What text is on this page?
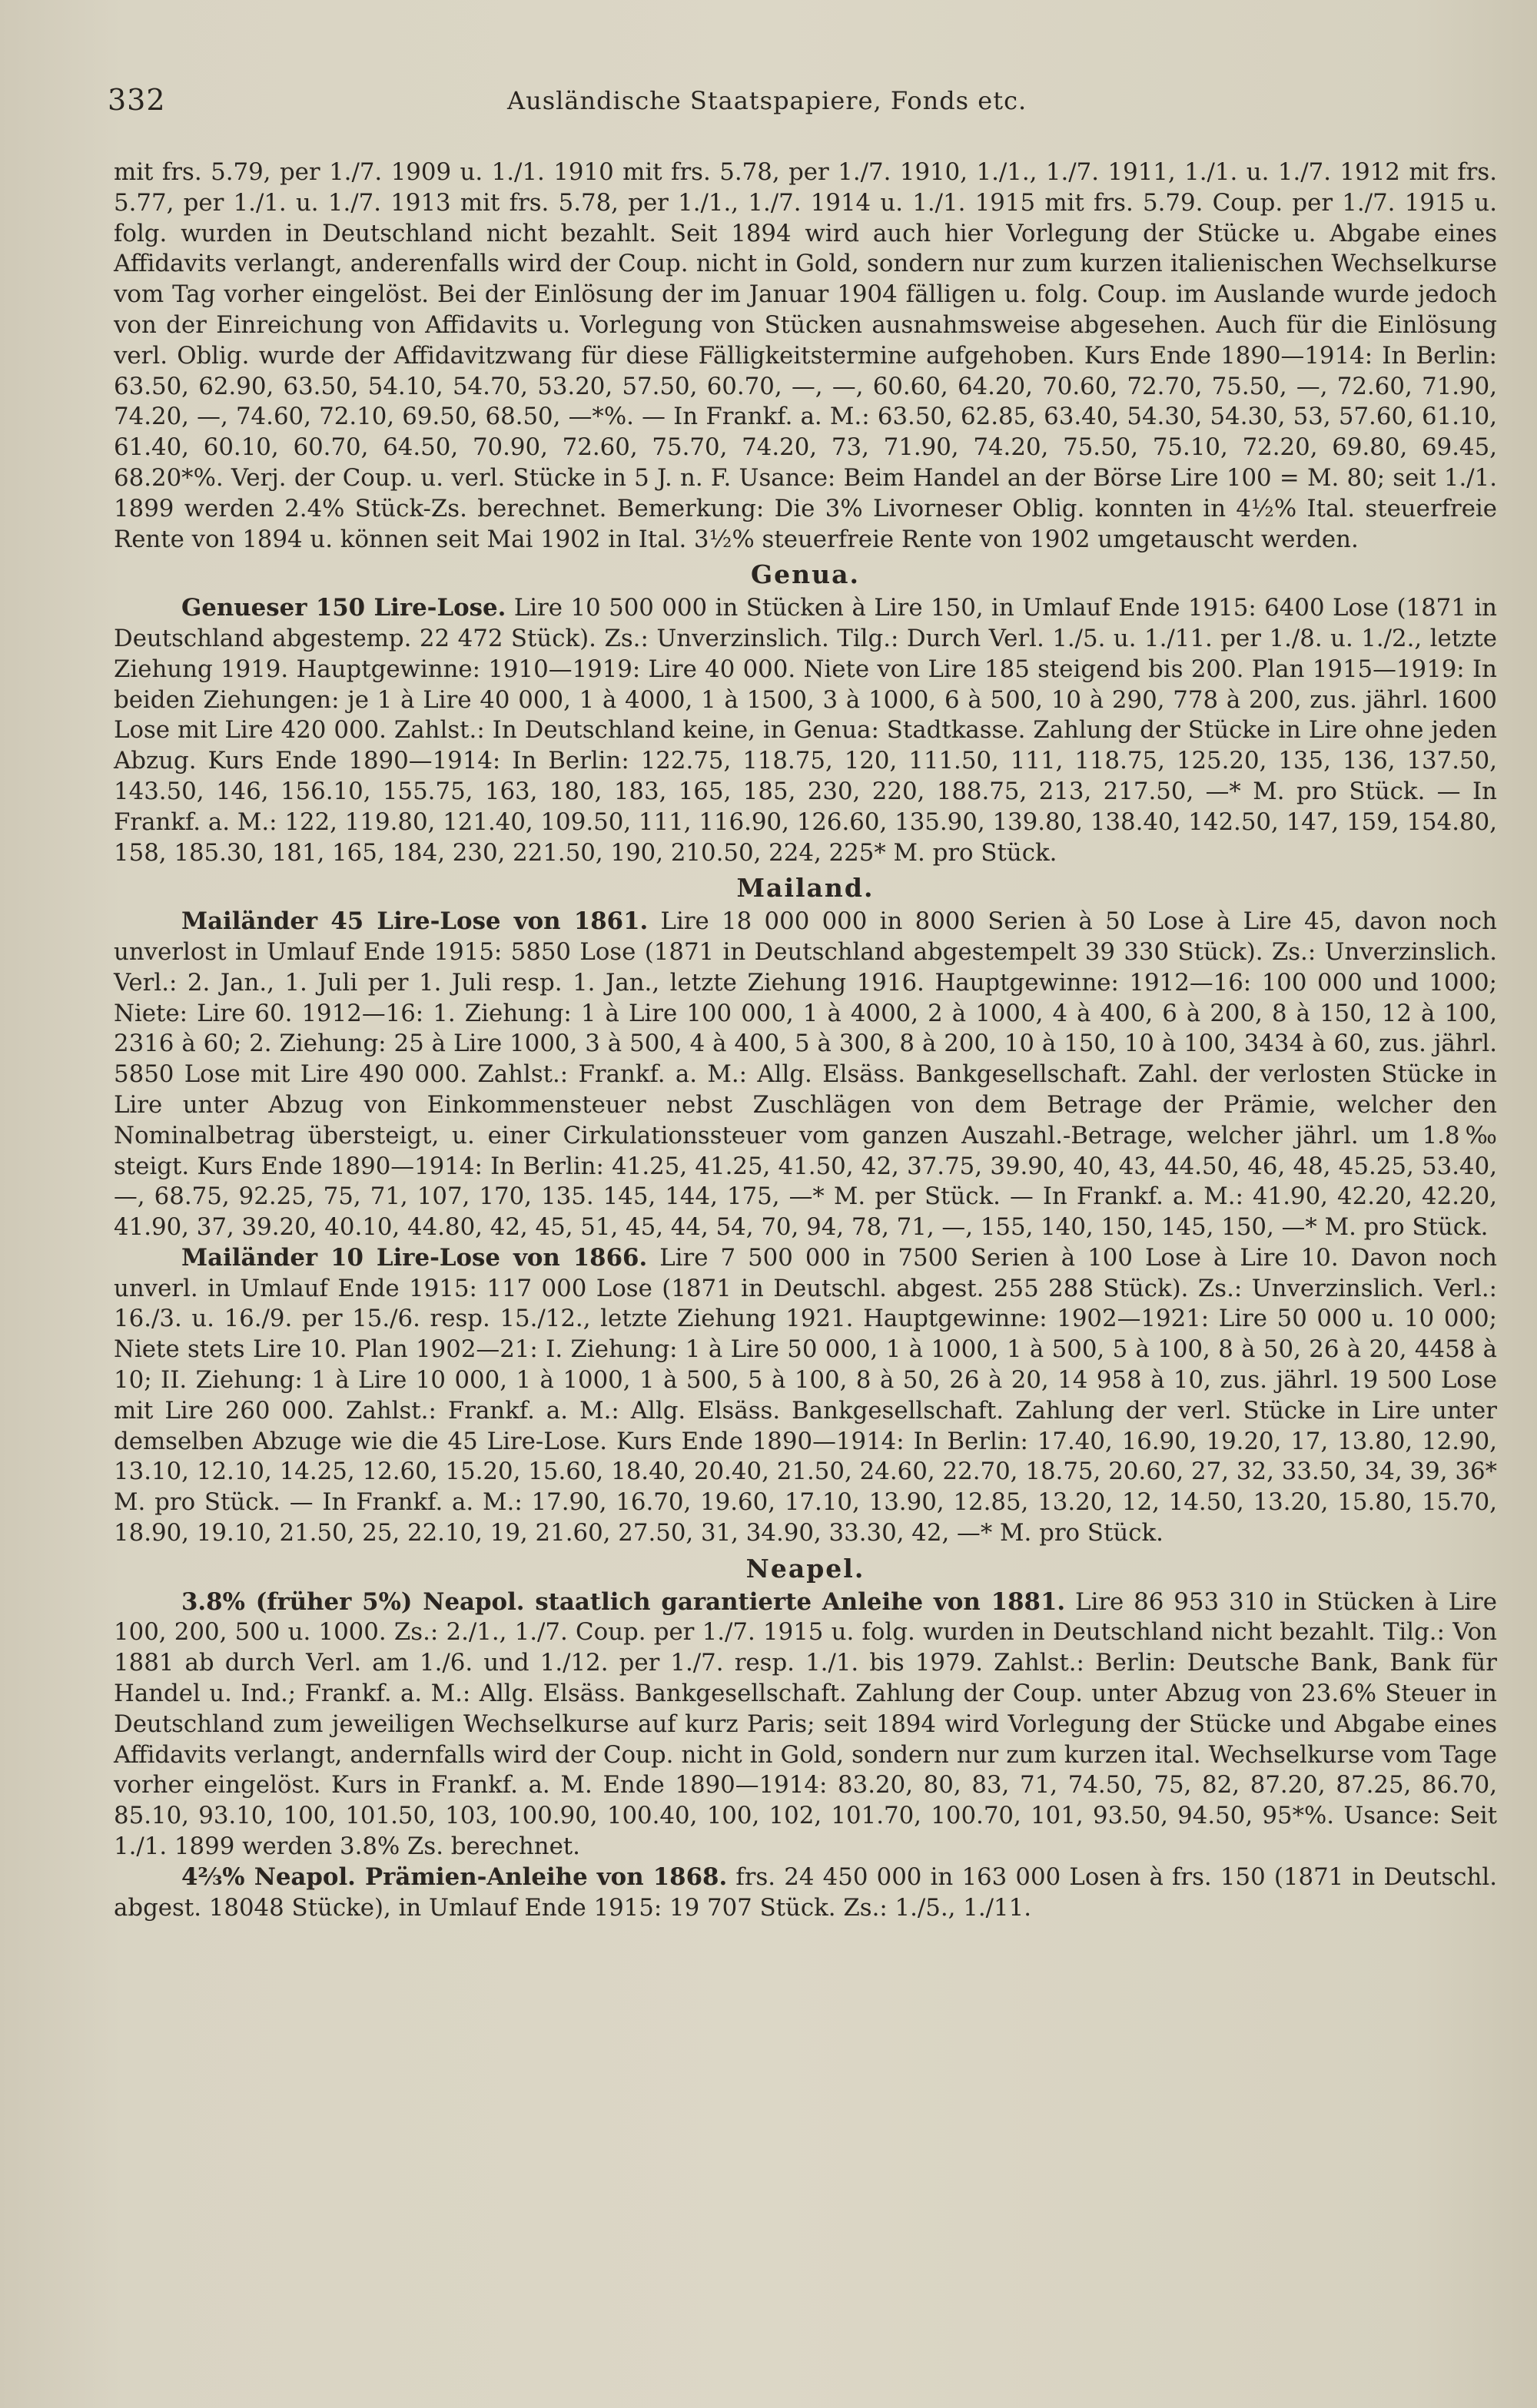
332	Ausländische Staatspapiere, Fonds etc.

mit frs. 5.79, per 1./7. 1909 u. 1./1. 1910 mit frs. 5.78, per 1./7. 1910, 1./1., 1./7. 1911, 1./1. u. 1./7. 1912 mit frs. 5.77, per 1./1. u. 1./7. 1913 mit frs. 5.78, per 1./1., 1./7. 1914 u. 1./1. 1915 mit frs. 5.79. Coup. per 1./7. 1915 u. folg. wurden in Deutschland nicht bezahlt. Seit 1894 wird auch hier Vorlegung der Stücke u. Abgabe eines Affidavits verlangt, anderenfalls wird der Coup. nicht in Gold, sondern nur zum kurzen italienischen Wechselkurse vom Tag vorher eingelöst. Bei der Einlösung der im Januar 1904 fälligen u. folg. Coup. im Auslande wurde jedoch von der Einreichung von Affidavits u. Vorlegung von Stücken ausnahmsweise abgesehen. Auch für die Einlösung verl. Oblig. wurde der Affidavitzwang für diese Fälligkeitstermine aufgehoben. Kurs Ende 1890—1914: In Berlin: 63.50, 62.90, 63.50, 54.10, 54.70, 53.20, 57.50, 60.70, —, —, 60.60, 64.20, 70.60, 72.70, 75.50, —, 72.60, 71.90, 74.20, —, 74.60, 72.10, 69.50, 68.50, —*%. — In Frankf. a. M.: 63.50, 62.85, 63.40, 54.30, 54.30, 53, 57.60, 61.10, 61.40, 60.10, 60.70, 64.50, 70.90, 72.60, 75.70, 74.20, 73, 71.90, 74.20, 75.50, 75.10, 72.20, 69.80, 69.45, 68.20*%. Verj. der Coup. u. verl. Stücke in 5 J. n. F. Usance: Beim Handel an der Börse Lire 100 = M. 80; seit 1./1. 1899 werden 2.4% Stück-Zs. berechnet. Bemerkung: Die 3% Livorneser Oblig. konnten in 4½% Ital. steuerfreie Rente von 1894 u. können seit Mai 1902 in Ital. 3½% steuerfreie Rente von 1902 umgetauscht werden.

Genua.

Genueser 150 Lire-Lose. Lire 10 500 000 in Stücken à Lire 150, in Umlauf Ende 1915: 6400 Lose (1871 in Deutschland abgestemp. 22 472 Stück). Zs.: Unverzinslich. Tilg.: Durch Verl. 1./5. u. 1./11. per 1./8. u. 1./2., letzte Ziehung 1919. Hauptgewinne: 1910—1919: Lire 40 000. Niete von Lire 185 steigend bis 200. Plan 1915—1919: In beiden Ziehungen: je 1 à Lire 40 000, 1 à 4000, 1 à 1500, 3 à 1000, 6 à 500, 10 à 290, 778 à 200, zus. jährl. 1600 Lose mit Lire 420 000. Zahlst.: In Deutschland keine, in Genua: Stadtkasse. Zahlung der Stücke in Lire ohne jeden Abzug. Kurs Ende 1890—1914: In Berlin: 122.75, 118.75, 120, 111.50, 111, 118.75, 125.20, 135, 136, 137.50, 143.50, 146, 156.10, 155.75, 163, 180, 183, 165, 185, 230, 220, 188.75, 213, 217.50, —* M. pro Stück. — In Frankf. a. M.: 122, 119.80, 121.40, 109.50, 111, 116.90, 126.60, 135.90, 139.80, 138.40, 142.50, 147, 159, 154.80, 158, 185.30, 181, 165, 184, 230, 221.50, 190, 210.50, 224, 225* M. pro Stück.

Mailand.

Mailänder 45 Lire-Lose von 1861. Lire 18 000 000 in 8000 Serien à 50 Lose à Lire 45, davon noch unverlost in Umlauf Ende 1915: 5850 Lose (1871 in Deutschland abgestempelt 39 330 Stück). Zs.: Unverzinslich. Verl.: 2. Jan., 1. Juli per 1. Juli resp. 1. Jan., letzte Ziehung 1916. Hauptgewinne: 1912—16: 100 000 und 1000; Niete: Lire 60. 1912—16: 1. Ziehung: 1 à Lire 100 000, 1 à 4000, 2 à 1000, 4 à 400, 6 à 200, 8 à 150, 12 à 100, 2316 à 60; 2. Ziehung: 25 à Lire 1000, 3 à 500, 4 à 400, 5 à 300, 8 à 200, 10 à 150, 10 à 100, 3434 à 60, zus. jährl. 5850 Lose mit Lire 490 000. Zahlst.: Frankf. a. M.: Allg. Elsäss. Bankgesellschaft. Zahl. der verlosten Stücke in Lire unter Abzug von Einkommensteuer nebst Zuschlägen von dem Betrage der Prämie, welcher den Nominalbetrag übersteigt, u. einer Cirkulationssteuer vom ganzen Auszahl.-Betrage, welcher jährl. um 1.8‰ steigt. Kurs Ende 1890—1914: In Berlin: 41.25, 41.25, 41.50, 42, 37.75, 39.90, 40, 43, 44.50, 46, 48, 45.25, 53.40, —, 68.75, 92.25, 75, 71, 107, 170, 135. 145, 144, 175, —* M. per Stück. — In Frankf. a. M.: 41.90, 42.20, 42.20, 41.90, 37, 39.20, 40.10, 44.80, 42, 45, 51, 45, 44, 54, 70, 94, 78, 71, —, 155, 140, 150, 145, 150, —* M. pro Stück.

Mailänder 10 Lire-Lose von 1866. Lire 7 500 000 in 7500 Serien à 100 Lose à Lire 10. Davon noch unverl. in Umlauf Ende 1915: 117 000 Lose (1871 in Deutschl. abgest. 255 288 Stück). Zs.: Unverzinslich. Verl.: 16./3. u. 16./9. per 15./6. resp. 15./12., letzte Ziehung 1921. Hauptgewinne: 1902—1921: Lire 50 000 u. 10 000; Niete stets Lire 10. Plan 1902—21: I. Ziehung: 1 à Lire 50 000, 1 à 1000, 1 à 500, 5 à 100, 8 à 50, 26 à 20, 4458 à 10; II. Ziehung: 1 à Lire 10 000, 1 à 1000, 1 à 500, 5 à 100, 8 à 50, 26 à 20, 14 958 à 10, zus. jährl. 19 500 Lose mit Lire 260 000. Zahlst.: Frankf. a. M.: Allg. Elsäss. Bankgesellschaft. Zahlung der verl. Stücke in Lire unter demselben Abzuge wie die 45 Lire-Lose. Kurs Ende 1890—1914: In Berlin: 17.40, 16.90, 19.20, 17, 13.80, 12.90, 13.10, 12.10, 14.25, 12.60, 15.20, 15.60, 18.40, 20.40, 21.50, 24.60, 22.70, 18.75, 20.60, 27, 32, 33.50, 34, 39, 36* M. pro Stück. — In Frankf. a. M.: 17.90, 16.70, 19.60, 17.10, 13.90, 12.85, 13.20, 12, 14.50, 13.20, 15.80, 15.70, 18.90, 19.10, 21.50, 25, 22.10, 19, 21.60, 27.50, 31, 34.90, 33.30, 42, —* M. pro Stück.

Neapel.

3.8% (früher 5%) Neapol. staatlich garantierte Anleihe von 1881. Lire 86 953 310 in Stücken à Lire 100, 200, 500 u. 1000. Zs.: 2./1., 1./7. Coup. per 1./7. 1915 u. folg. wurden in Deutschland nicht bezahlt. Tilg.: Von 1881 ab durch Verl. am 1./6. und 1./12. per 1./7. resp. 1./1. bis 1979. Zahlst.: Berlin: Deutsche Bank, Bank für Handel u. Ind.; Frankf. a. M.: Allg. Elsäss. Bankgesellschaft. Zahlung der Coup. unter Abzug von 23.6% Steuer in Deutschland zum jeweiligen Wechselkurse auf kurz Paris; seit 1894 wird Vorlegung der Stücke und Abgabe eines Affidavits verlangt, andernfalls wird der Coup. nicht in Gold, sondern nur zum kurzen ital. Wechselkurse vom Tage vorher eingelöst. Kurs in Frankf. a. M. Ende 1890—1914: 83.20, 80, 83, 71, 74.50, 75, 82, 87.20, 87.25, 86.70, 85.10, 93.10, 100, 101.50, 103, 100.90, 100.40, 100, 102, 101.70, 100.70, 101, 93.50, 94.50, 95*%. Usance: Seit 1./1. 1899 werden 3.8% Zs. berechnet.

4⅔% Neapol. Prämien-Anleihe von 1868. frs. 24 450 000 in 163 000 Losen à frs. 150 (1871 in Deutschl. abgest. 18048 Stücke), in Umlauf Ende 1915: 19 707 Stück. Zs.: 1./5., 1./11.
